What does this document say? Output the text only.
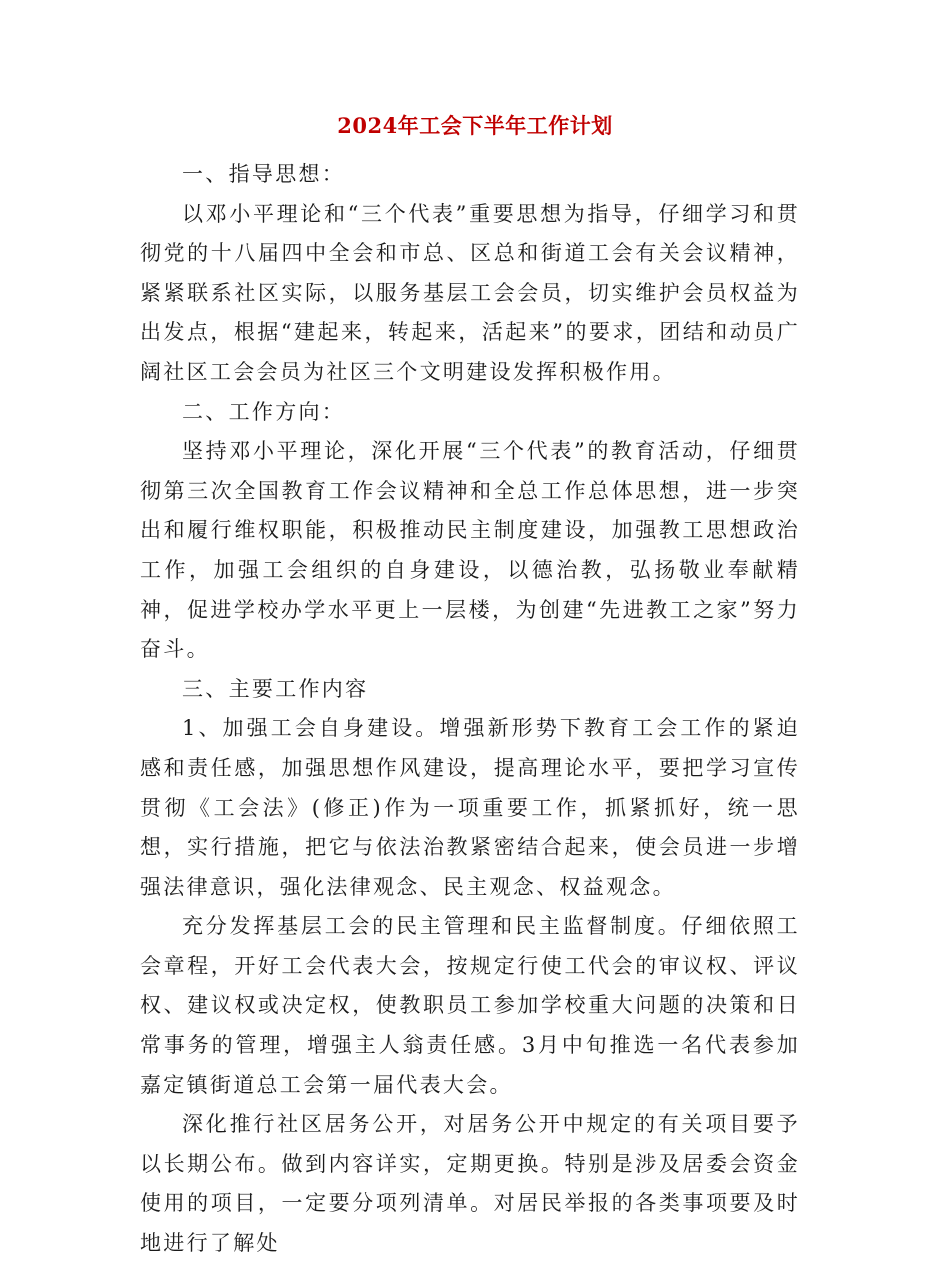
2024年工会下半年工作计划

一、指导思想：

以邓小平理论和“三个代表”重要思想为指导，仔细学习和贯彻党的十八届四中全会和市总、区总和街道工会有关会议精神，紧紧联系社区实际，以服务基层工会会员，切实维护会员权益为出发点，根据“建起来，转起来，活起来”的要求，团结和动员广阔社区工会会员为社区三个文明建设发挥积极作用。

二、工作方向：

坚持邓小平理论，深化开展“三个代表”的教育活动，仔细贯彻第三次全国教育工作会议精神和全总工作总体思想，进一步突出和履行维权职能，积极推动民主制度建设，加强教工思想政治工作，加强工会组织的自身建设，以德治教，弘扬敬业奉献精神，促进学校办学水平更上一层楼，为创建“先进教工之家”努力奋斗。

三、主要工作内容

1、加强工会自身建设。增强新形势下教育工会工作的紧迫感和责任感，加强思想作风建设，提高理论水平，要把学习宣传贯彻《工会法》(修正)作为一项重要工作，抓紧抓好，统一思想，实行措施，把它与依法治教紧密结合起来，使会员进一步增强法律意识，强化法律观念、民主观念、权益观念。

充分发挥基层工会的民主管理和民主监督制度。仔细依照工会章程，开好工会代表大会，按规定行使工代会的审议权、评议权、建议权或决定权，使教职员工参加学校重大问题的决策和日常事务的管理，增强主人翁责任感。3月中旬推选一名代表参加嘉定镇街道总工会第一届代表大会。

深化推行社区居务公开，对居务公开中规定的有关项目要予以长期公布。做到内容详实，定期更换。特别是涉及居委会资金使用的项目，一定要分项列清单。对居民举报的各类事项要及时地进行了解处
